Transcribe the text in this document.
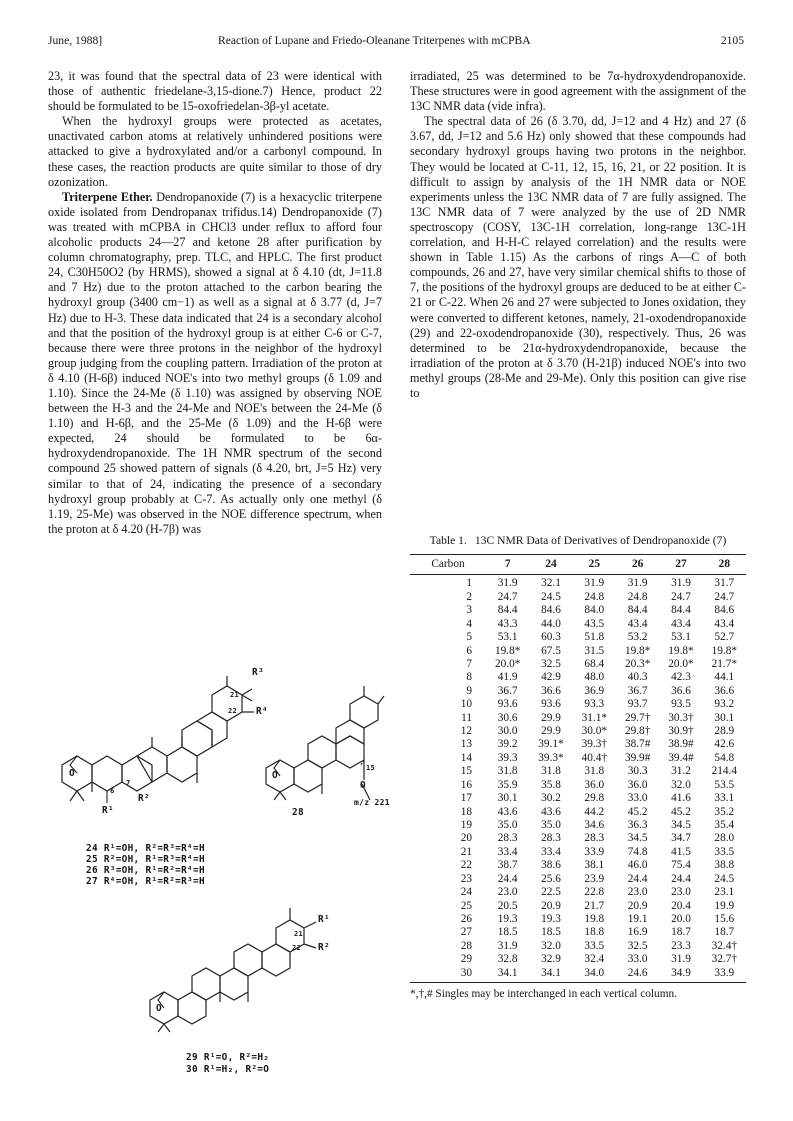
June, 1988]	Reaction of Lupane and Friedo-Oleanane Triterpenes with mCPBA	2105

23, it was found that the spectral data of 23 were identical with those of authentic friedelane-3,15-dione.7) Hence, product 22 should be formulated to be 15-oxofriedelan-3β-yl acetate.

When the hydroxyl groups were protected as acetates, unactivated carbon atoms at relatively unhindered positions were attacked to give a hydroxylated and/or a carbonyl compound. In these cases, the reaction products are quite similar to those of dry ozonization.

Triterpene Ether. Dendropanoxide (7) is a hexacyclic triterpene oxide isolated from Dendropanax trifidus.14) Dendropanoxide (7) was treated with mCPBA in CHCl3 under reflux to afford four alcoholic products 24—27 and ketone 28 after purification by column chromatography, prep. TLC, and HPLC. The first product 24, C30H50O2 (by HRMS), showed a signal at δ 4.10 (dt, J=11.8 and 7 Hz) due to the proton attached to the carbon bearing the hydroxyl group (3400 cm−1) as well as a signal at δ 3.77 (d, J=7 Hz) due to H-3. These data indicated that 24 is a secondary alcohol and that the position of the hydroxyl group is at either C-6 or C-7, because there were three protons in the neighbor of the hydroxyl group judging from the coupling pattern. Irradiation of the proton at δ 4.10 (H-6β) induced NOE's into two methyl groups (δ 1.09 and 1.10). Since the 24-Me (δ 1.10) was assigned by observing NOE between the H-3 and the 24-Me and NOE's between the 24-Me (δ 1.10) and H-6β, and the 25-Me (δ 1.09) and the H-6β were expected, 24 should be formulated to be 6α-hydroxydendropanoxide. The 1H NMR spectrum of the second compound 25 showed pattern of signals (δ 4.20, brt, J=5 Hz) very similar to that of 24, indicating the presence of a secondary hydroxyl group probably at C-7. As actually only one methyl (δ 1.19, 25-Me) was observed in the NOE difference spectrum, when the proton at δ 4.20 (H-7β) was

irradiated, 25 was determined to be 7α-hydroxydendropanoxide. These structures were in good agreement with the assignment of the 13C NMR data (vide infra).

The spectral data of 26 (δ 3.70, dd, J=12 and 4 Hz) and 27 (δ 3.67, dd, J=12 and 5.6 Hz) only showed that these compounds had secondary hydroxyl groups having two protons in the neighbor. They would be located at C-11, 12, 15, 16, 21, or 22 position. It is difficult to assign by analysis of the 1H NMR data or NOE experiments unless the 13C NMR data of 7 are fully assigned. The 13C NMR data of 7 were analyzed by the use of 2D NMR spectroscopy (COSY, 13C-1H correlation, long-range 13C-1H correlation, and H-H-C relayed correlation) and the results were shown in Table 1.15) As the carbons of rings A—C of both compounds, 26 and 27, have very similar chemical shifts to those of 7, the positions of the hydroxyl groups are deduced to be at either C-21 or C-22. When 26 and 27 were subjected to Jones oxidation, they were converted to different ketones, namely, 21-oxodendropanoxide (29) and 22-oxodendropanoxide (30), respectively. Thus, 26 was determined to be 21α-hydroxydendropanoxide, because the irradiation of the proton at δ 3.70 (H-21β) induced NOE's into two methyl groups (28-Me and 29-Me). Only this position can give rise to

Table 1. 13C NMR Data of Derivatives of Dendropanoxide (7)
Carbon	7	24	25	26	27	28
1	31.9	32.1	31.9	31.9	31.9	31.7
2	24.7	24.5	24.8	24.8	24.7	24.7
3	84.4	84.6	84.0	84.4	84.4	84.6
4	43.3	44.0	43.5	43.4	43.4	43.4
5	53.1	60.3	51.8	53.2	53.1	52.7
6	19.8*	67.5	31.5	19.8*	19.8*	19.8*
7	20.0*	32.5	68.4	20.3*	20.0*	21.7*
8	41.9	42.9	48.0	40.3	42.3	44.1
9	36.7	36.6	36.9	36.7	36.6	36.6
10	93.6	93.6	93.3	93.7	93.5	93.2
11	30.6	29.9	31.1*	29.7†	30.3†	30.1
12	30.0	29.9	30.0*	29.8†	30.9†	28.9
13	39.2	39.1*	39.3†	38.7#	38.9#	42.6
14	39.3	39.3*	40.4†	39.9#	39.4#	54.8
15	31.8	31.8	31.8	30.3	31.2	214.4
16	35.9	35.8	36.0	36.0	32.0	53.5
17	30.1	30.2	29.8	33.0	41.6	33.1
18	43.6	43.6	44.2	45.2	45.2	35.2
19	35.0	35.0	34.6	36.3	34.5	35.4
20	28.3	28.3	28.3	34.5	34.7	28.0
21	33.4	33.4	33.9	74.8	41.5	33.5
22	38.7	38.6	38.1	46.0	75.4	38.8
23	24.4	25.6	23.9	24.4	24.4	24.5
24	23.0	22.5	22.8	23.0	23.0	23.1
25	20.5	20.9	21.7	20.9	20.4	19.9
26	19.3	19.3	19.8	19.1	20.0	15.6
27	18.5	18.5	18.8	16.9	18.7	18.7
28	31.9	32.0	33.5	32.5	23.3	32.4†
29	32.8	32.9	32.4	33.0	31.9	32.7†
30	34.1	34.1	34.0	24.6	34.9	33.9
*,†,# Singles may be interchanged in each vertical column.
R³
R⁴
21
22
O
7
6
R²
R¹
24 R¹=OH, R²=R³=R⁴=H
25 R²=OH, R¹=R³=R⁴=H
26 R³=OH, R¹=R²=R⁴=H
27 R⁴=OH, R¹=R²=R³=H
O
O
15
m/z 221
28
R¹
R²
21
22
O
29 R¹=O, R²=H₂
30 R¹=H₂, R²=O
